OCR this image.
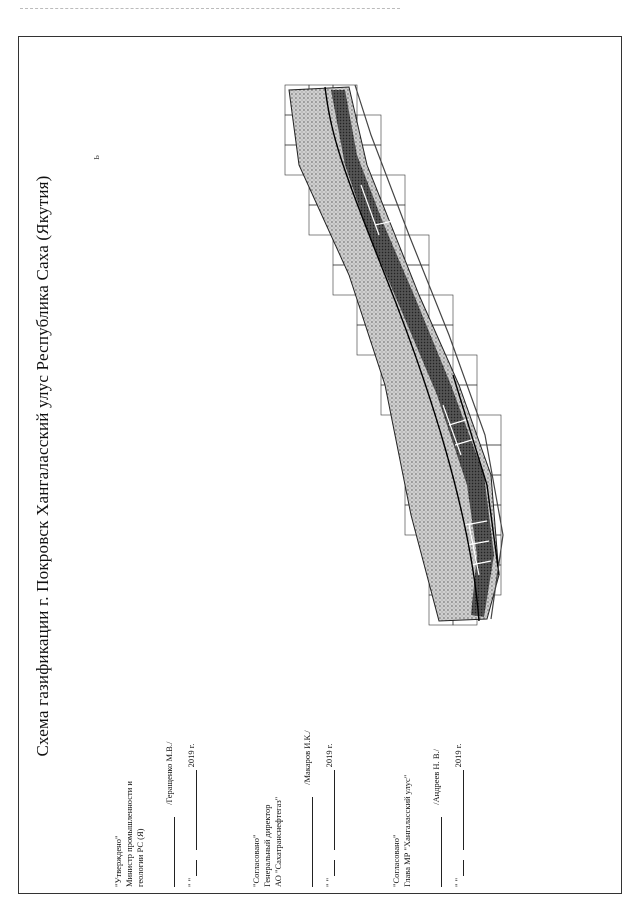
Схема газификации г. Покровск Хангаласский улус Республика Саха (Якутия)
ь
"Утверждено" Министр промышленности и геологии РС (Я)
/Геращенко М.В./
" "    2019 г.
"Согласовано" Генеральный директор АО "Сахатранснефтегаз"
/Макаров И.К./
" "    2019 г.
"Согласовано" Глава МР "Хангаласский улус" /Андреев Н. В./
" "    2019 г.
